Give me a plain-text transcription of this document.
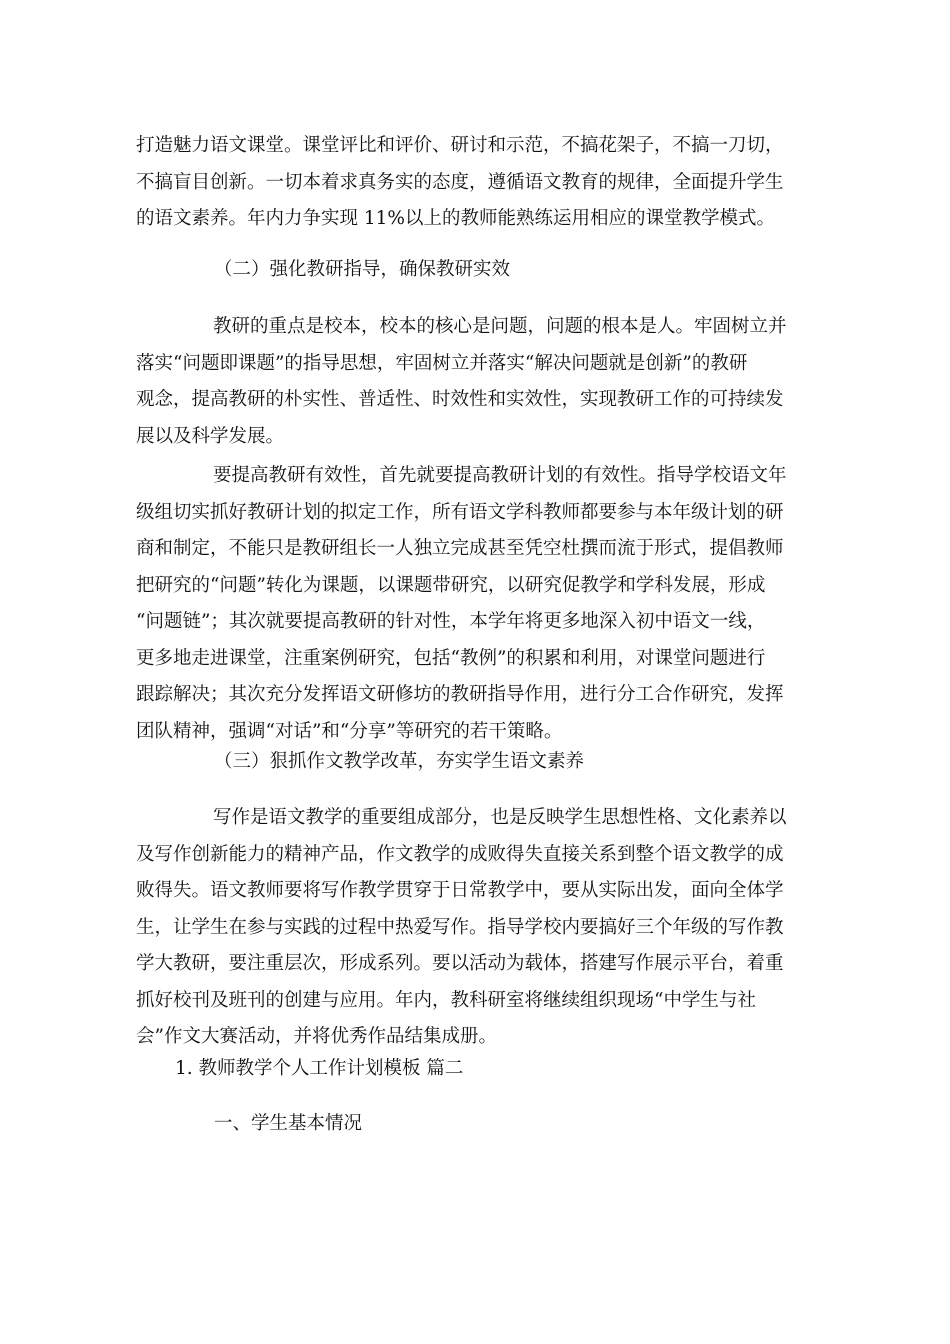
打造魅力语文课堂。课堂评比和评价、研讨和示范，不搞花架子，不搞一刀切，
不搞盲目创新。一切本着求真务实的态度，遵循语文教育的规律，全面提升学生
的语文素养。年内力争实现 11%以上的教师能熟练运用相应的课堂教学模式。

（二）强化教研指导，确保教研实效

教研的重点是校本，校本的核心是问题，问题的根本是人。牢固树立并
落实“问题即课题”的指导思想，牢固树立并落实“解决问题就是创新”的教研
观念，提高教研的朴实性、普适性、时效性和实效性，实现教研工作的可持续发
展以及科学发展。

要提高教研有效性，首先就要提高教研计划的有效性。指导学校语文年
级组切实抓好教研计划的拟定工作，所有语文学科教师都要参与本年级计划的研
商和制定，不能只是教研组长一人独立完成甚至凭空杜撰而流于形式，提倡教师
把研究的“问题”转化为课题，以课题带研究，以研究促教学和学科发展，形成
“问题链”；其次就要提高教研的针对性，本学年将更多地深入初中语文一线，
更多地走进课堂，注重案例研究，包括“教例”的积累和利用，对课堂问题进行
跟踪解决；其次充分发挥语文研修坊的教研指导作用，进行分工合作研究，发挥
团队精神，强调“对话”和“分享”等研究的若干策略。

（三）狠抓作文教学改革，夯实学生语文素养

写作是语文教学的重要组成部分，也是反映学生思想性格、文化素养以
及写作创新能力的精神产品，作文教学的成败得失直接关系到整个语文教学的成
败得失。语文教师要将写作教学贯穿于日常教学中，要从实际出发，面向全体学
生，让学生在参与实践的过程中热爱写作。指导学校内要搞好三个年级的写作教
学大教研，要注重层次，形成系列。要以活动为载体，搭建写作展示平台，着重
抓好校刊及班刊的创建与应用。年内，教科研室将继续组织现场“中学生与社
会”作文大赛活动，并将优秀作品结集成册。

1. 教师教学个人工作计划模板 篇二

一、学生基本情况
